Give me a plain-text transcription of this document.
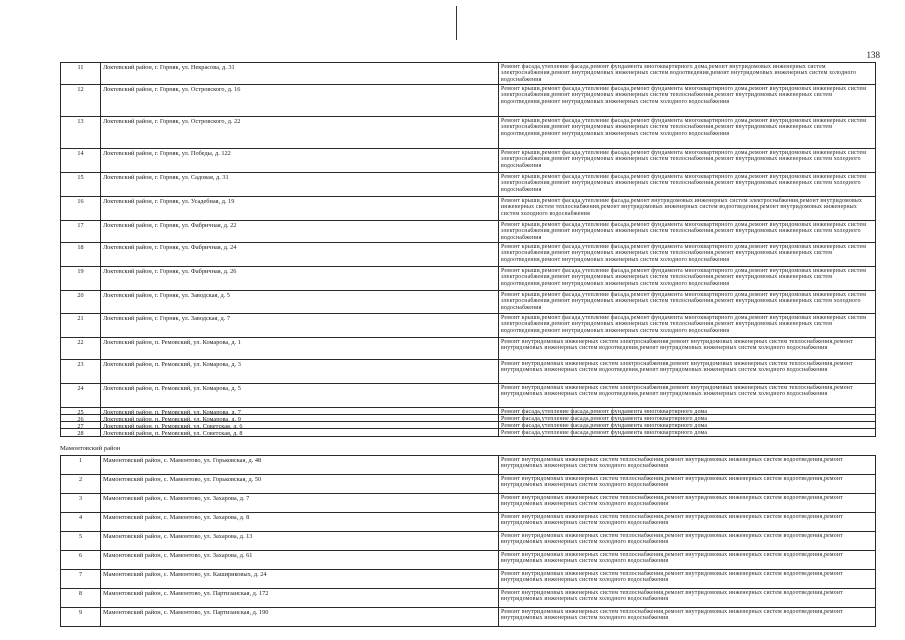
138
11	Локтевский район, г. Горняк, ул. Некрасова, д. 31	Ремонт фасада,утепление фасада,ремонт фундамента многоквартирного дома,ремонт внутридомовых инженерных систем электроснабжения,ремонт внутридомовых инженерных систем водоотведения,ремонт внутридомовых инженерных систем холодного водоснабжения

12	Локтевский район, г. Горняк, ул. Островского, д. 16	Ремонт крыши,ремонт фасада,утепление фасада,ремонт фундамента многоквартирного дома,ремонт внутридомовых инженерных систем электроснабжения,ремонт внутридомовых инженерных систем теплоснабжения,ремонт внутридомовых инженерных систем водоотведения,ремонт внутридомовых инженерных систем холодного водоснабжения

13	Локтевский район, г. Горняк, ул. Островского, д. 22	Ремонт крыши,ремонт фасада,утепление фасада,ремонт фундамента многоквартирного дома,ремонт внутридомовых инженерных систем электроснабжения,ремонт внутридомовых инженерных систем теплоснабжения,ремонт внутридомовых инженерных систем водоотведения,ремонт внутридомовых инженерных систем холодного водоснабжения

14	Локтевский район, г. Горняк, ул. Победы, д. 122	Ремонт крыши,ремонт фасада,утепление фасада,ремонт фундамента многоквартирного дома,ремонт внутридомовых инженерных систем электроснабжения,ремонт внутридомовых инженерных систем теплоснабжения,ремонт внутридомовых инженерных систем холодного водоснабжения

15	Локтевский район, г. Горняк, ул. Садовая, д. 31	Ремонт крыши,ремонт фасада,утепление фасада,ремонт фундамента многоквартирного дома,ремонт внутридомовых инженерных систем электроснабжения,ремонт внутридомовых инженерных систем теплоснабжения,ремонт внутридомовых инженерных систем холодного водоснабжения

16	Локтевский район, г. Горняк, ул. Усадебная, д. 19	Ремонт крыши,ремонт фасада,утепление фасада,ремонт внутридомовых инженерных систем электроснабжения,ремонт внутридомовых инженерных систем теплоснабжения,ремонт внутридомовых инженерных систем водоотведения,ремонт внутридомовых инженерных систем холодного водоснабжения

17	Локтевский район, г. Горняк, ул. Фабричная, д. 22	Ремонт крыши,ремонт фасада,утепление фасада,ремонт фундамента многоквартирного дома,ремонт внутридомовых инженерных систем электроснабжения,ремонт внутридомовых инженерных систем теплоснабжения,ремонт внутридомовых инженерных систем холодного водоснабжения

18	Локтевский район, г. Горняк, ул. Фабричная, д. 24	Ремонт крыши,ремонт фасада,утепление фасада,ремонт фундамента многоквартирного дома,ремонт внутридомовых инженерных систем электроснабжения,ремонт внутридомовых инженерных систем теплоснабжения,ремонт внутридомовых инженерных систем водоотведения,ремонт внутридомовых инженерных систем холодного водоснабжения

19	Локтевский район, г. Горняк, ул. Фабричная, д. 26	Ремонт крыши,ремонт фасада,утепление фасада,ремонт фундамента многоквартирного дома,ремонт внутридомовых инженерных систем электроснабжения,ремонт внутридомовых инженерных систем теплоснабжения,ремонт внутридомовых инженерных систем водоотведения,ремонт внутридомовых инженерных систем холодного водоснабжения

20	Локтевский район, г. Горняк, ул. Заводская, д. 5	Ремонт крыши,ремонт фасада,утепление фасада,ремонт фундамента многоквартирного дома,ремонт внутридомовых инженерных систем электроснабжения,ремонт внутридомовых инженерных систем теплоснабжения,ремонт внутридомовых инженерных систем холодного водоснабжения

21	Локтевский район, г. Горняк, ул. Заводская, д. 7	Ремонт крыши,ремонт фасада,утепление фасада,ремонт фундамента многоквартирного дома,ремонт внутридомовых инженерных систем электроснабжения,ремонт внутридомовых инженерных систем теплоснабжения,ремонт внутридомовых инженерных систем водоотведения,ремонт внутридомовых инженерных систем холодного водоснабжения

22	Локтевский район, п. Ремовский, ул. Комарова, д. 1	Ремонт внутридомовых инженерных систем электроснабжения,ремонт внутридомовых инженерных систем теплоснабжения,ремонт внутридомовых инженерных систем водоотведения,ремонт внутридомовых инженерных систем холодного водоснабжения

23	Локтевский район, п. Ремовский, ул. Комарова, д. 3	Ремонт внутридомовых инженерных систем электроснабжения,ремонт внутридомовых инженерных систем теплоснабжения,ремонт внутридомовых инженерных систем водоотведения,ремонт внутридомовых инженерных систем холодного водоснабжения

24	Локтевский район, п. Ремовский, ул. Комарова, д. 5	Ремонт внутридомовых инженерных систем электроснабжения,ремонт внутридомовых инженерных систем теплоснабжения,ремонт внутридомовых инженерных систем водоотведения,ремонт внутридомовых инженерных систем холодного водоснабжения

25	Локтевский район, п. Ремовский, ул. Комарова, д. 7	Ремонт фасада,утепление фасада,ремонт фундамента многоквартирного дома

26	Локтевский район, п. Ремовский, ул. Комарова, д. 9	Ремонт фасада,утепление фасада,ремонт фундамента многоквартирного дома

27	Локтевский район, п. Ремовский, ул. Советская, д. 6	Ремонт фасада,утепление фасада,ремонт фундамента многоквартирного дома

28	Локтевский район, п. Ремовский, ул. Советская, д. 8	Ремонт фасада,утепление фасада,ремонт фундамента многоквартирного дома
Мамонтовский район
1	Мамонтовский район, с. Мамонтово, ул. Горьковская, д. 48	Ремонт внутридомовых инженерных систем теплоснабжения,ремонт внутридомовых инженерных систем водоотведения,ремонт внутридомовых инженерных систем холодного водоснабжения

2	Мамонтовский район, с. Мамонтово, ул. Горьковская, д. 50	Ремонт внутридомовых инженерных систем теплоснабжения,ремонт внутридомовых инженерных систем водоотведения,ремонт внутридомовых инженерных систем холодного водоснабжения

3	Мамонтовский район, с. Мамонтово, ул. Захарова, д. 7	Ремонт внутридомовых инженерных систем теплоснабжения,ремонт внутридомовых инженерных систем водоотведения,ремонт внутридомовых инженерных систем холодного водоснабжения

4	Мамонтовский район, с. Мамонтово, ул. Захарова, д. 8	Ремонт внутридомовых инженерных систем теплоснабжения,ремонт внутридомовых инженерных систем водоотведения,ремонт внутридомовых инженерных систем холодного водоснабжения

5	Мамонтовский район, с. Мамонтово, ул. Захарова, д. 13	Ремонт внутридомовых инженерных систем теплоснабжения,ремонт внутридомовых инженерных систем водоотведения,ремонт внутридомовых инженерных систем холодного водоснабжения

6	Мамонтовский район, с. Мамонтово, ул. Захарова, д. 61	Ремонт внутридомовых инженерных систем теплоснабжения,ремонт внутридомовых инженерных систем водоотведения,ремонт внутридомовых инженерных систем холодного водоснабжения

7	Мамонтовский район, с. Мамонтово, ул. Кашириковых, д. 24	Ремонт внутридомовых инженерных систем теплоснабжения,ремонт внутридомовых инженерных систем водоотведения,ремонт внутридомовых инженерных систем холодного водоснабжения

8	Мамонтовский район, с. Мамонтово, ул. Партизанская, д. 172	Ремонт внутридомовых инженерных систем теплоснабжения,ремонт внутридомовых инженерных систем водоотведения,ремонт внутридомовых инженерных систем холодного водоснабжения

9	Мамонтовский район, с. Мамонтово, ул. Партизанская, д. 190	Ремонт внутридомовых инженерных систем теплоснабжения,ремонт внутридомовых инженерных систем водоотведения,ремонт внутридомовых инженерных систем холодного водоснабжения
